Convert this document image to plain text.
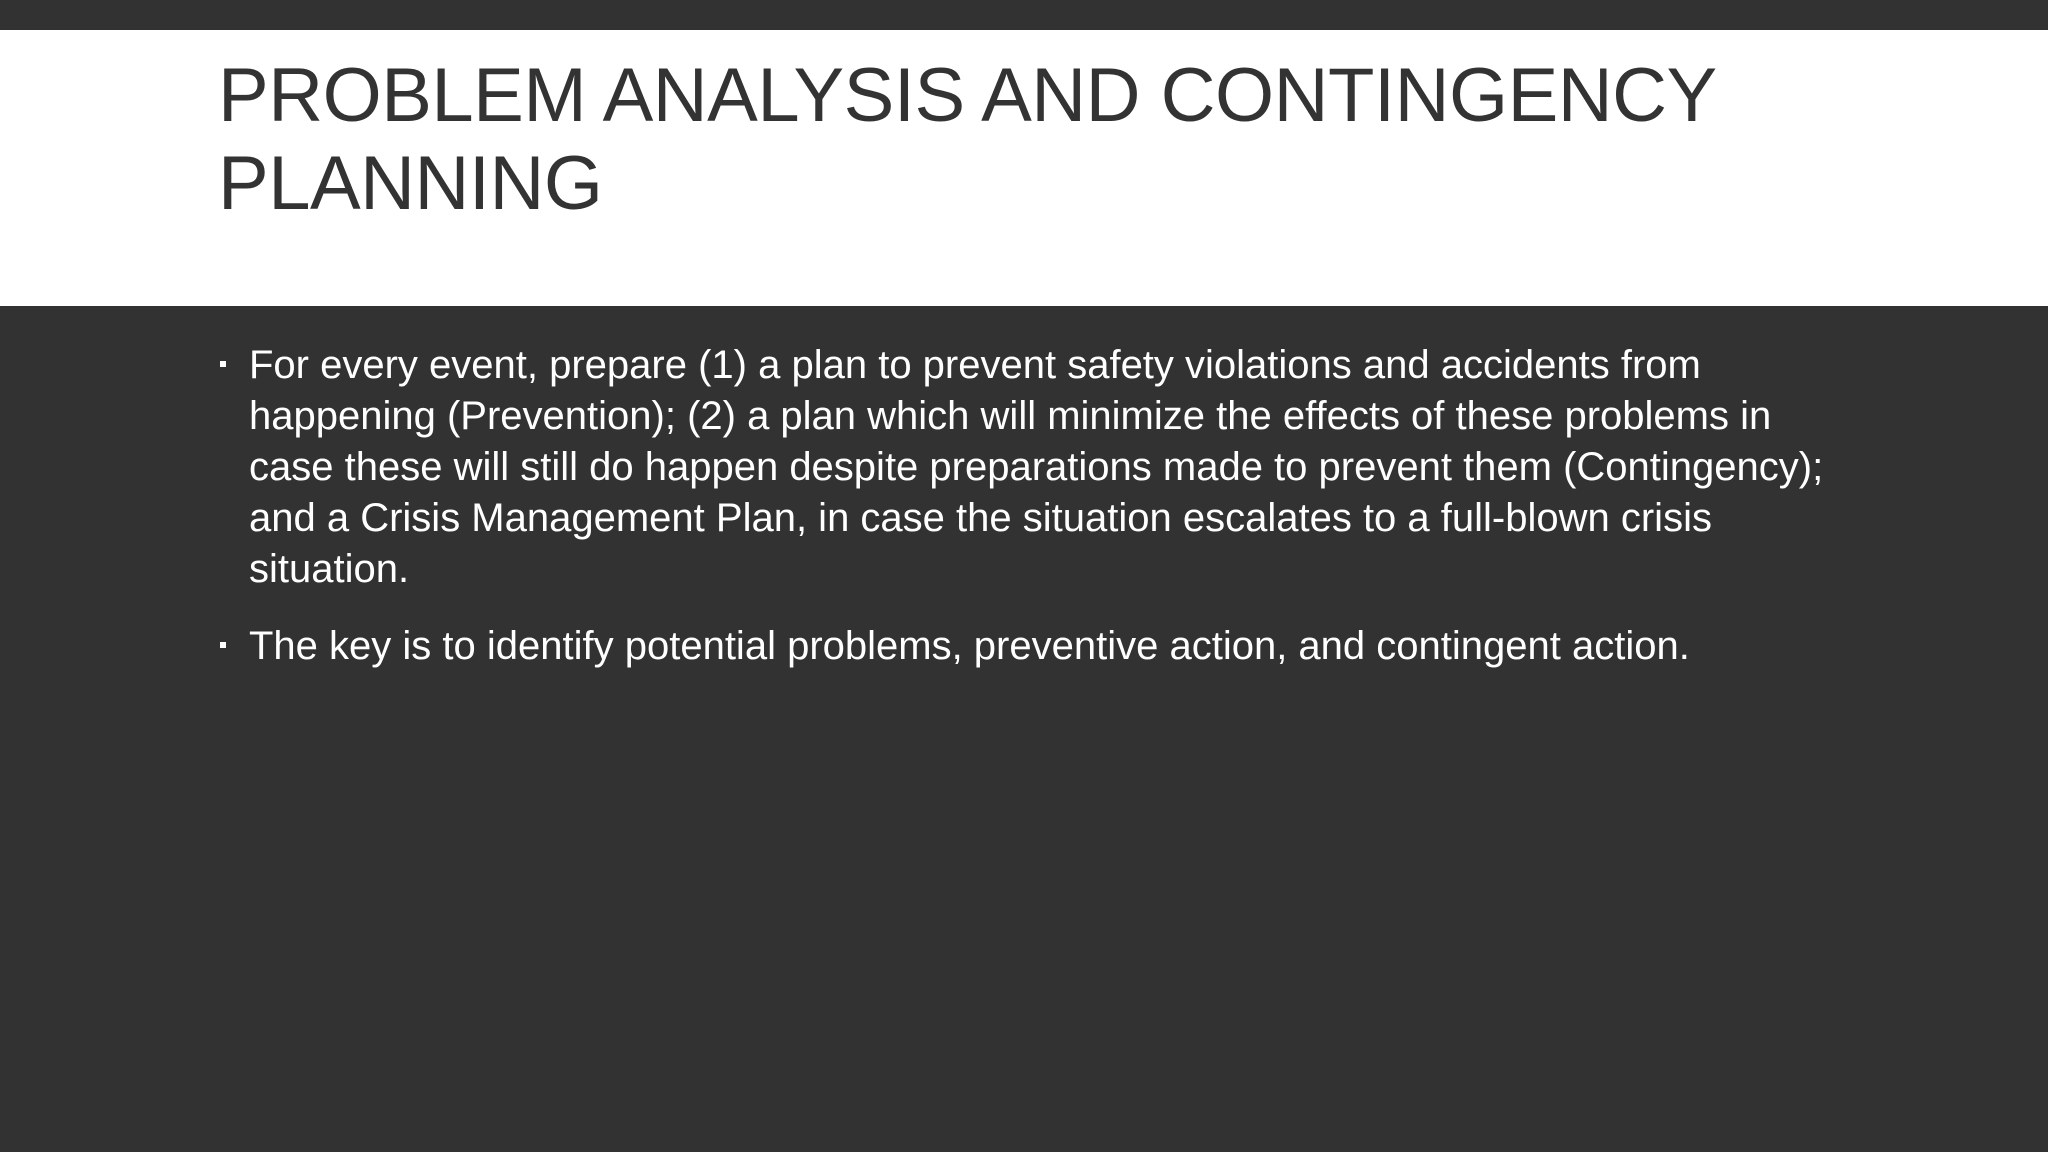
PROBLEM ANALYSIS AND CONTINGENCY PLANNING
For every event, prepare (1) a plan to prevent safety violations and accidents from happening (Prevention); (2) a plan which will minimize the effects of these problems in case these will still do happen despite preparations made to prevent them (Contingency); and a Crisis Management Plan, in case the situation escalates to a full-blown crisis situation.
The key is to identify potential problems, preventive action, and contingent action.
